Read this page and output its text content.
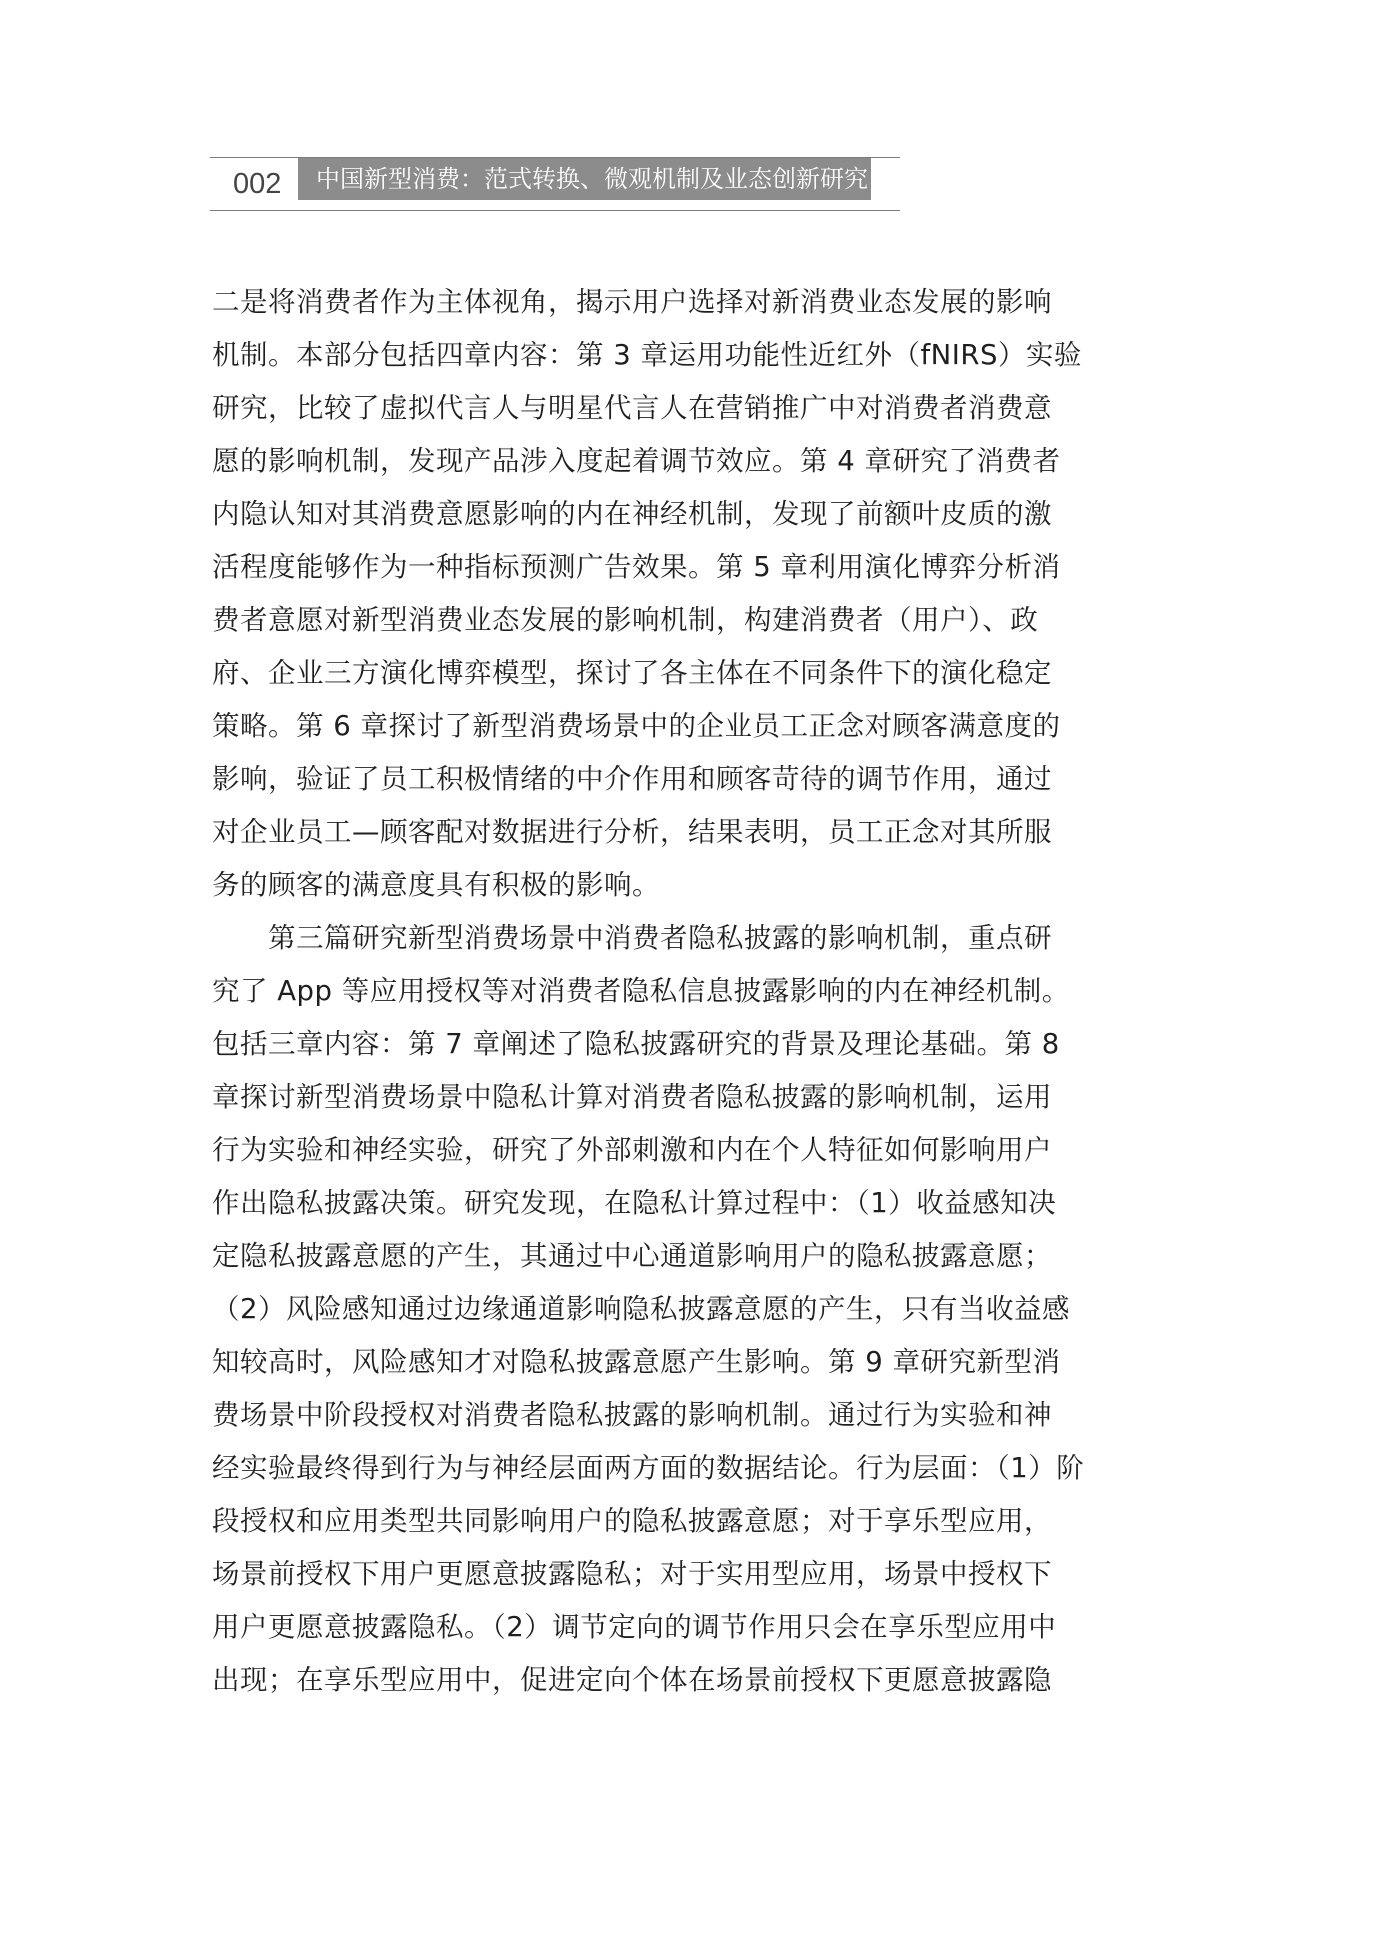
002 中国新型消费：范式转换、微观机制及业态创新研究
二是将消费者作为主体视角，揭示用户选择对新消费业态发展的影响
机制。本部分包括四章内容：第 3 章运用功能性近红外（fNIRS）实验
研究，比较了虚拟代言人与明星代言人在营销推广中对消费者消费意
愿的影响机制，发现产品涉入度起着调节效应。第 4 章研究了消费者
内隐认知对其消费意愿影响的内在神经机制，发现了前额叶皮质的激
活程度能够作为一种指标预测广告效果。第 5 章利用演化博弈分析消
费者意愿对新型消费业态发展的影响机制，构建消费者（用户）、政
府、企业三方演化博弈模型，探讨了各主体在不同条件下的演化稳定
策略。第 6 章探讨了新型消费场景中的企业员工正念对顾客满意度的
影响，验证了员工积极情绪的中介作用和顾客苛待的调节作用，通过
对企业员工—顾客配对数据进行分析，结果表明，员工正念对其所服
务的顾客的满意度具有积极的影响。
　　第三篇研究新型消费场景中消费者隐私披露的影响机制，重点研
究了 App 等应用授权等对消费者隐私信息披露影响的内在神经机制。
包括三章内容：第 7 章阐述了隐私披露研究的背景及理论基础。第 8
章探讨新型消费场景中隐私计算对消费者隐私披露的影响机制，运用
行为实验和神经实验，研究了外部刺激和内在个人特征如何影响用户
作出隐私披露决策。研究发现，在隐私计算过程中：（1）收益感知决
定隐私披露意愿的产生，其通过中心通道影响用户的隐私披露意愿；
（2）风险感知通过边缘通道影响隐私披露意愿的产生，只有当收益感
知较高时，风险感知才对隐私披露意愿产生影响。第 9 章研究新型消
费场景中阶段授权对消费者隐私披露的影响机制。通过行为实验和神
经实验最终得到行为与神经层面两方面的数据结论。行为层面：（1）阶
段授权和应用类型共同影响用户的隐私披露意愿；对于享乐型应用，
场景前授权下用户更愿意披露隐私；对于实用型应用，场景中授权下
用户更愿意披露隐私。（2）调节定向的调节作用只会在享乐型应用中
出现；在享乐型应用中，促进定向个体在场景前授权下更愿意披露隐
